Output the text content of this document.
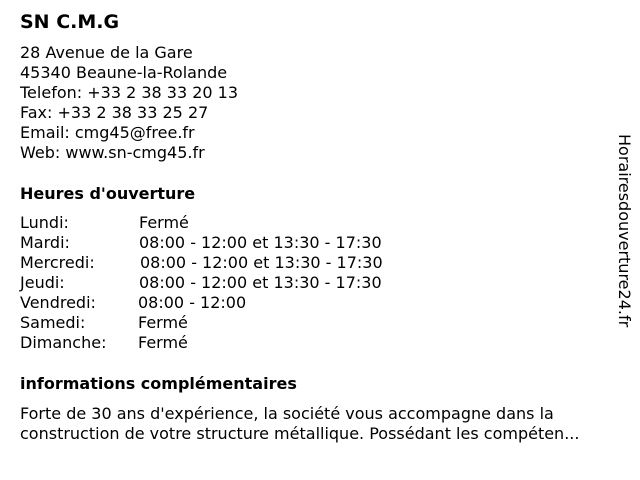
SN C.M.G
28 Avenue de la Gare
45340 Beaune-la-Rolande
Telefon: +33 2 38 33 20 13
Fax: +33 2 38 33 25 27
Email: cmg45@free.fr
Web: www.sn-cmg45.fr
Heures d'ouverture
Lundi:	Fermé
Mardi:	08:00 - 12:00 et 13:30 - 17:30
Mercredi:	08:00 - 12:00 et 13:30 - 17:30
Jeudi:	08:00 - 12:00 et 13:30 - 17:30
Vendredi:	08:00 - 12:00
Samedi:	Fermé
Dimanche: Fermé
informations complémentaires
Forte de 30 ans d'expérience, la société vous accompagne dans la
construction de votre structure métallique. Possédant les compéten...
Horairesdouverture24.fr
